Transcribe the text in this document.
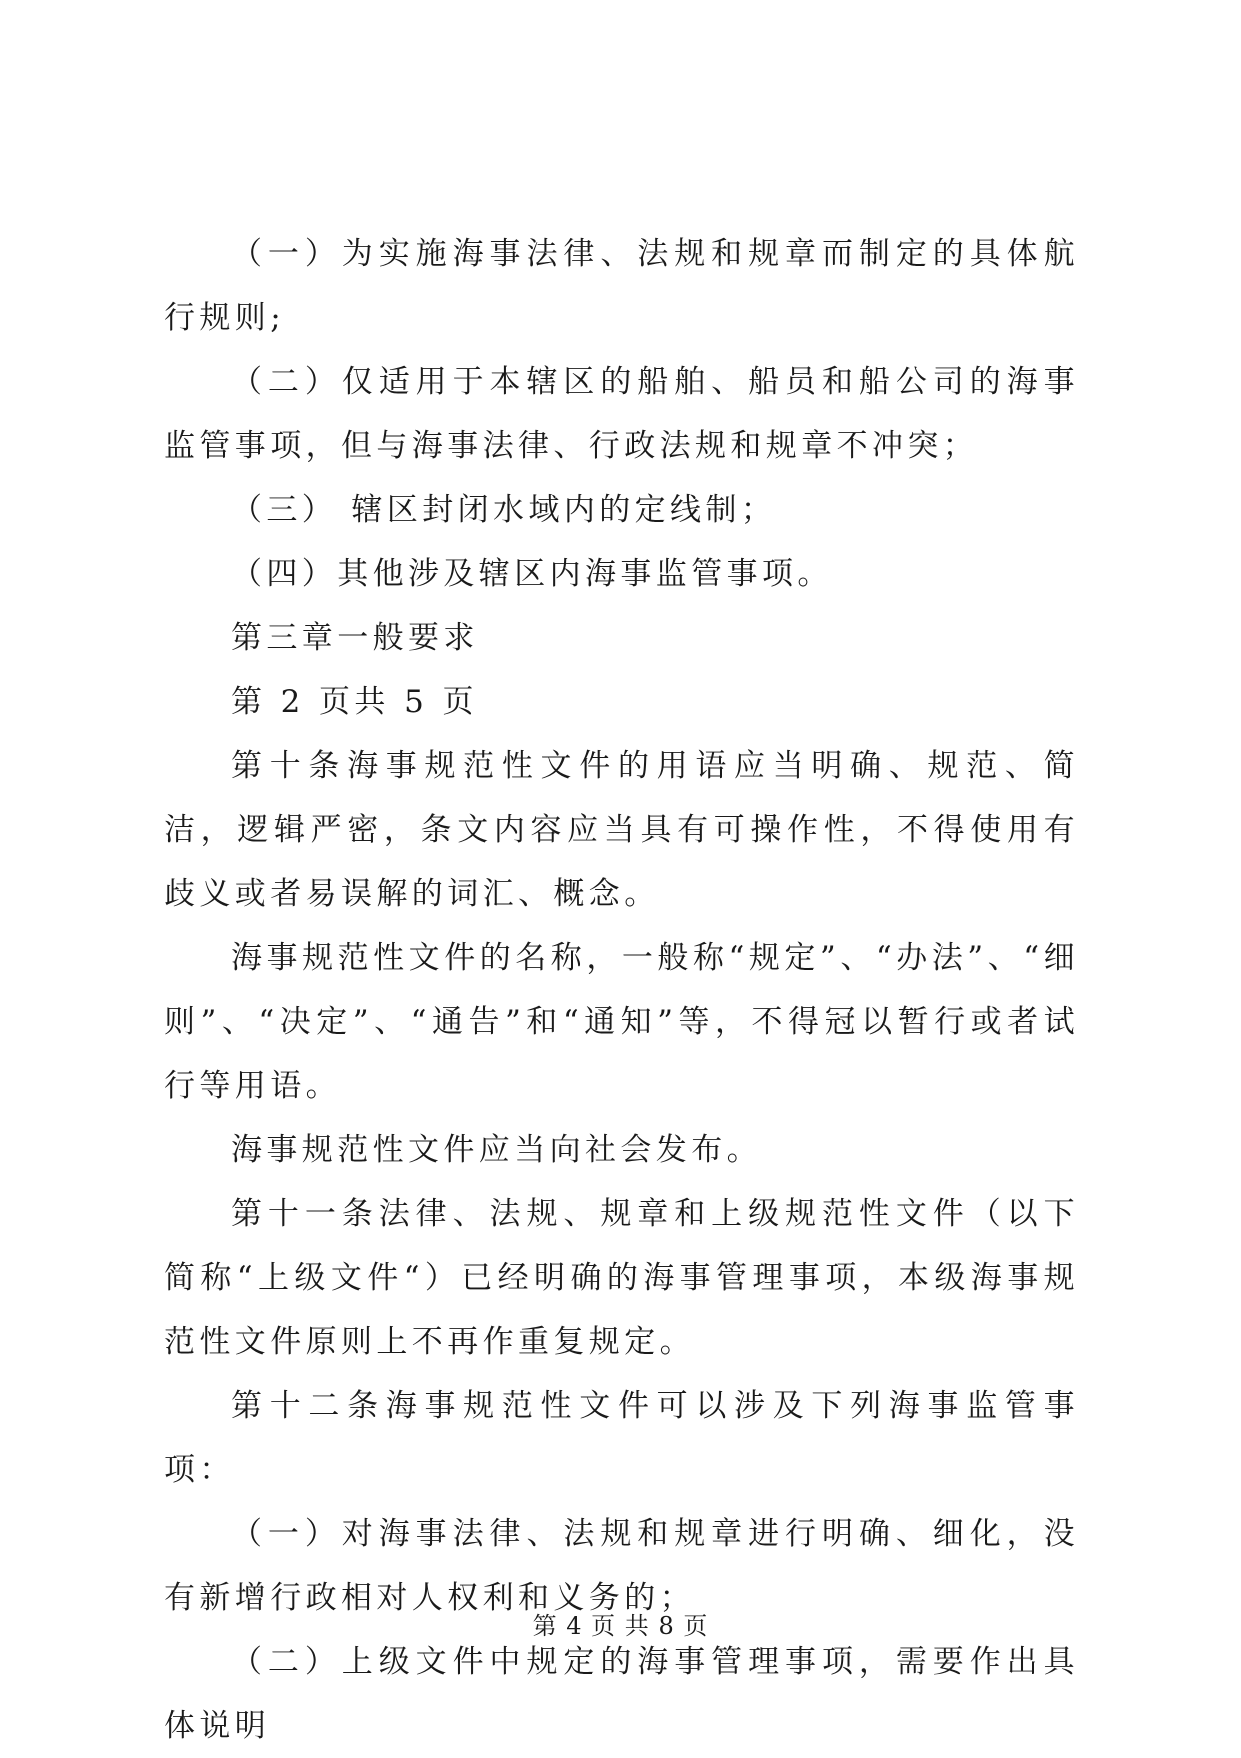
（一）为实施海事法律、法规和规章而制定的具体航行规则;

（二）仅适用于本辖区的船舶、船员和船公司的海事监管事项，但与海事法律、行政法规和规章不冲突；

（三） 辖区封闭水域内的定线制；

（四）其他涉及辖区内海事监管事项。

第三章一般要求

第 2 页共 5 页

第十条海事规范性文件的用语应当明确、规范、简洁，逻辑严密，条文内容应当具有可操作性，不得使用有歧义或者易误解的词汇、概念。

海事规范性文件的名称，一般称“规定”、“办法”、“细则”、“决定”、“通告”和“通知”等，不得冠以暂行或者试行等用语。

海事规范性文件应当向社会发布。

第十一条法律、法规、规章和上级规范性文件（以下简称“上级文件“）已经明确的海事管理事项，本级海事规范性文件原则上不再作重复规定。

第十二条海事规范性文件可以涉及下列海事监管事项：

（一）对海事法律、法规和规章进行明确、细化，没有新增行政相对人权利和义务的；

（二）上级文件中规定的海事管理事项，需要作出具体说明

第 4 页 共 8 页
